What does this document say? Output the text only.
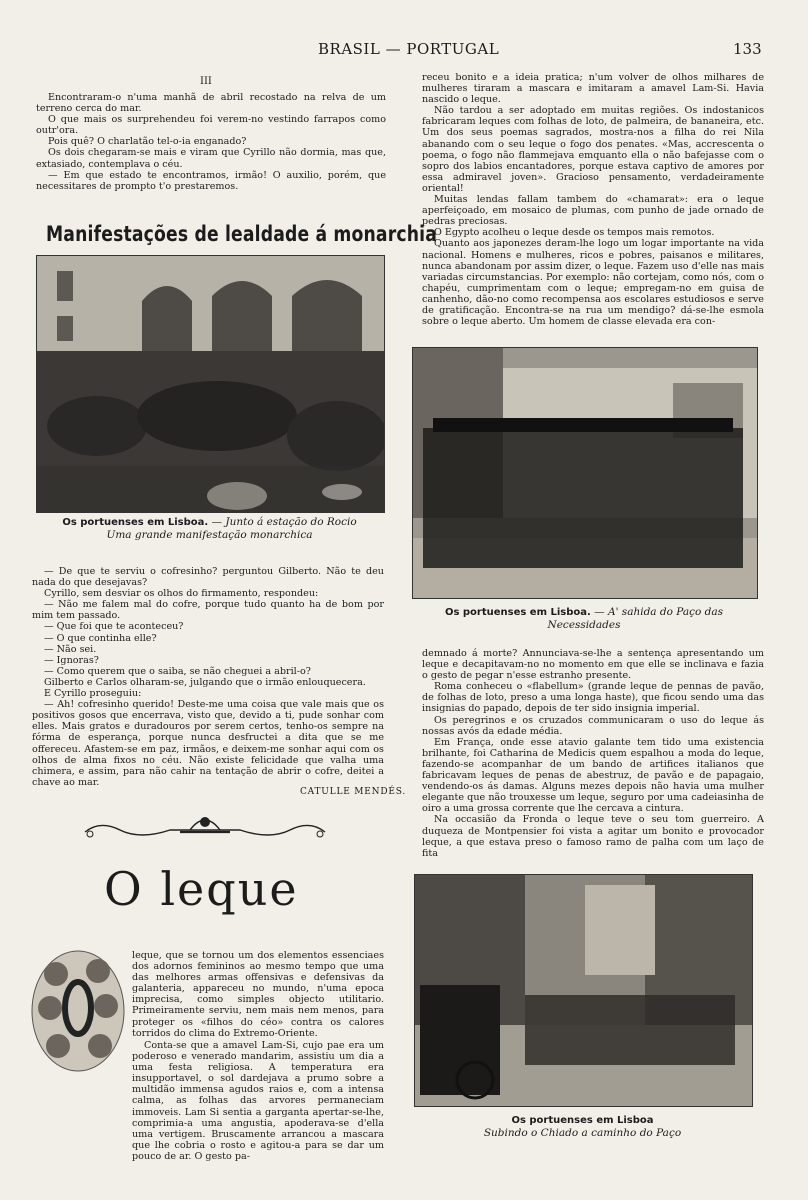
BRASIL — PORTUGAL	133
III

Encontraram-o n'uma manhã de abril recostado na relva de um terreno cerca do mar.

O que mais os surprehendeu foi verem-no vestindo farrapos como outr'ora.

Pois quê? O charlatão tel-o-ia enganado?

Os dois chegaram-se mais e viram que Cyrillo não dormia, mas que, extasiado, contemplava o céu.

— Em que estado te encontramos, irmão! O auxilio, porém, que necessitares de prompto t'o prestaremos.

Manifestações de lealdade á monarchia
Os portuenses em Lisboa. — Junto á estação do Rocio
Uma grande manifestação monarchica

— De que te serviu o cofresinho? perguntou Gilberto. Não te deu nada do que desejavas?

Cyrillo, sem desviar os olhos do firmamento, respondeu:

— Não me falem mal do cofre, porque tudo quanto ha de bom por mim tem passado.

— Que foi que te aconteceu?

— O que continha elle?

— Não sei.

— Ignoras?

— Como querem que o saiba, se não cheguei a abril-o?

Gilberto e Carlos olharam-se, julgando que o irmão enlouquecera.

E Cyrillo proseguiu:

— Ah! cofresinho querido! Deste-me uma coisa que vale mais que os positivos gosos que encerrava, visto que, devido a ti, pude sonhar com elles. Mais gratos e duradouros por serem certos, tenho-os sempre na fórma de esperança, porque nunca desfructei a dita que se me offereceu. Afastem-se em paz, irmãos, e deixem-me sonhar aqui com os olhos de alma fixos no céu. Não existe felicidade que valha uma chimera, e assim, para não cahir na tentação de abrir o cofre, deitei a chave ao mar.

CATULLE MENDÉS.
O leque

leque, que se tornou um dos elementos essenciaes dos adornos femininos ao mesmo tempo que uma das melhores armas offensivas e defensivas da galanteria, appareceu no mundo, n'uma epoca imprecisa, como simples objecto utilitario. Primeiramente serviu, nem mais nem menos, para proteger os «filhos do céo» contra os calores torridos do clima do Extremo-Oriente.

Conta-se que a amavel Lam-Si, cujo pae era um poderoso e venerado mandarim, assistiu um dia a uma festa religiosa. A temperatura era insupportavel, o sol dardejava a prumo sobre a multidão immensa agudos raios e, com a intensa calma, as folhas das arvores permaneciam immoveis. Lam Si sentia a garganta apertar-se-lhe, comprimia-a uma angustia, apoderava-se d'ella uma vertigem. Bruscamente arrancou a mascara que lhe cobria o rosto e agitou-a para se dar um pouco de ar. O gesto pa-

receu bonito e a ideia pratica; n'um volver de olhos milhares de mulheres tiraram a mascara e imitaram a amavel Lam-Si. Havia nascido o leque.

Não tardou a ser adoptado em muitas regiões. Os indostanicos fabricaram leques com folhas de loto, de palmeira, de bananeira, etc. Um dos seus poemas sagrados, mostra-nos a filha do rei Nila abanando com o seu leque o fogo dos penates. «Mas, accrescenta o poema, o fogo não flammejava emquanto ella o não bafejasse com o sopro dos labios encantadores, porque estava captivo de amores por essa admiravel joven». Gracioso pensamento, verdadeiramente oriental!

Muitas lendas fallam tambem do «chamarat»: era o leque aperfeiçoado, em mosaico de plumas, com punho de jade ornado de pedras preciosas.

O Egypto acolheu o leque desde os tempos mais remotos.

Quanto aos japonezes deram-lhe logo um logar importante na vida nacional. Homens e mulheres, ricos e pobres, paisanos e militares, nunca abandonam por assim dizer, o leque. Fazem uso d'elle nas mais variadas circumstancias. Por exemplo: não cortejam, como nós, com o chapéu, cumprimentam com o leque; empregam-no em guisa de canhenho, dão-no como recompensa aos escolares estudiosos e serve de gratificação. Encontra-se na rua um mendigo? dá-se-lhe esmola sobre o leque aberto. Um homem de classe elevada era con-

Os portuenses em Lisboa. — A' sahida do Paço das Necessidades

demnado á morte? Annunciava-se-lhe a sentença apresentando um leque e decapitavam-no no momento em que elle se inclinava e fazia o gesto de pegar n'esse estranho presente.

Roma conheceu o «flabellum» (grande leque de pennas de pavão, de folhas de loto, preso a uma longa haste), que ficou sendo uma das insignias do papado, depois de ter sido insignia imperial.

Os peregrinos e os cruzados communicaram o uso do leque ás nossas avós da edade média.

Em França, onde esse atavio galante tem tido uma existencia brilhante, foi Catharina de Medicis quem espalhou a moda do leque, fazendo-se acompanhar de um bando de artifices italianos que fabricavam leques de penas de abestruz, de pavão e de papagaio, vendendo-os ás damas. Alguns mezes depois não havia uma mulher elegante que não trouxesse um leque, seguro por uma cadeiasinha de oiro a uma grossa corrente que lhe cercava a cintura.

Na occasião da Fronda o leque teve o seu tom guerreiro. A duqueza de Montpensier foi vista a agitar um bonito e provocador leque, a que estava preso o famoso ramo de palha com um laço de fita

Os portuenses em Lisboa
Subindo o Chiado a caminho do Paço
